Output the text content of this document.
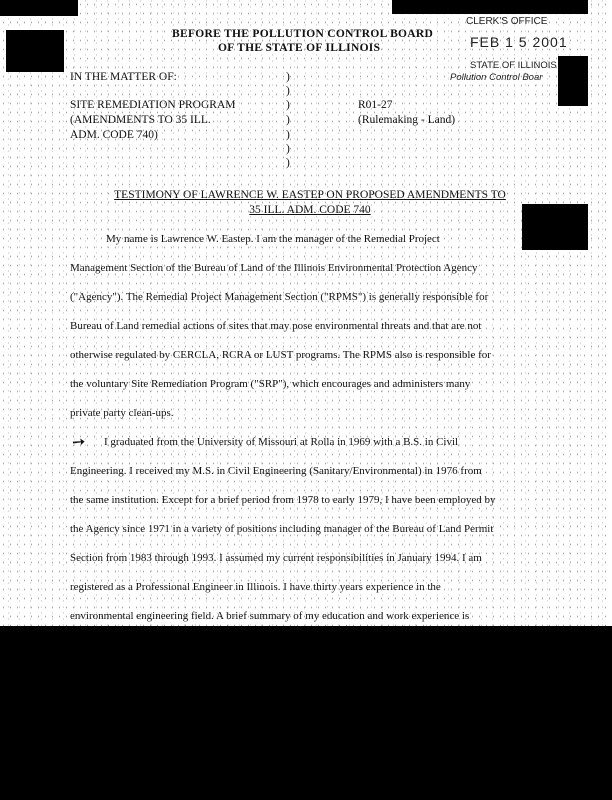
CLERK'S OFFICE
FEB 1 5 2001
STATE OF ILLINOIS
Pollution Control Boar
BEFORE THE POLLUTION CONTROL BOARD
OF THE STATE OF ILLINOIS
IN THE MATTER OF:
SITE REMEDIATION PROGRAM
(AMENDMENTS TO 35 ILL.
ADM. CODE 740)
)
)
)
)
)
)
)
R01-27
(Rulemaking - Land)
TESTIMONY OF LAWRENCE W. EASTEP ON PROPOSED AMENDMENTS TO
35 ILL. ADM. CODE 740
My name is Lawrence W. Eastep. I am the manager of the Remedial Project
Management Section of the Bureau of Land of the Illinois Environmental Protection Agency
("Agency"). The Remedial Project Management Section ("RPMS") is generally responsible for
Bureau of Land remedial actions of sites that may pose environmental threats and that are not
otherwise regulated by CERCLA, RCRA or LUST programs. The RPMS also is responsible for
the voluntary Site Remediation Program ("SRP"), which encourages and administers many
private party clean-ups.
➚ I graduated from the University of Missouri at Rolla in 1969 with a B.S. in Civil
Engineering. I received my M.S. in Civil Engineering (Sanitary/Environmental) in 1976 from
the same institution. Except for a brief period from 1978 to early 1979, I have been employed by
the Agency since 1971 in a variety of positions including manager of the Bureau of Land Permit
Section from 1983 through 1993. I assumed my current responsibilities in January 1994. I am
registered as a Professional Engineer in Illinois. I have thirty years experience in the
environmental engineering field. A brief summary of my education and work experience is
